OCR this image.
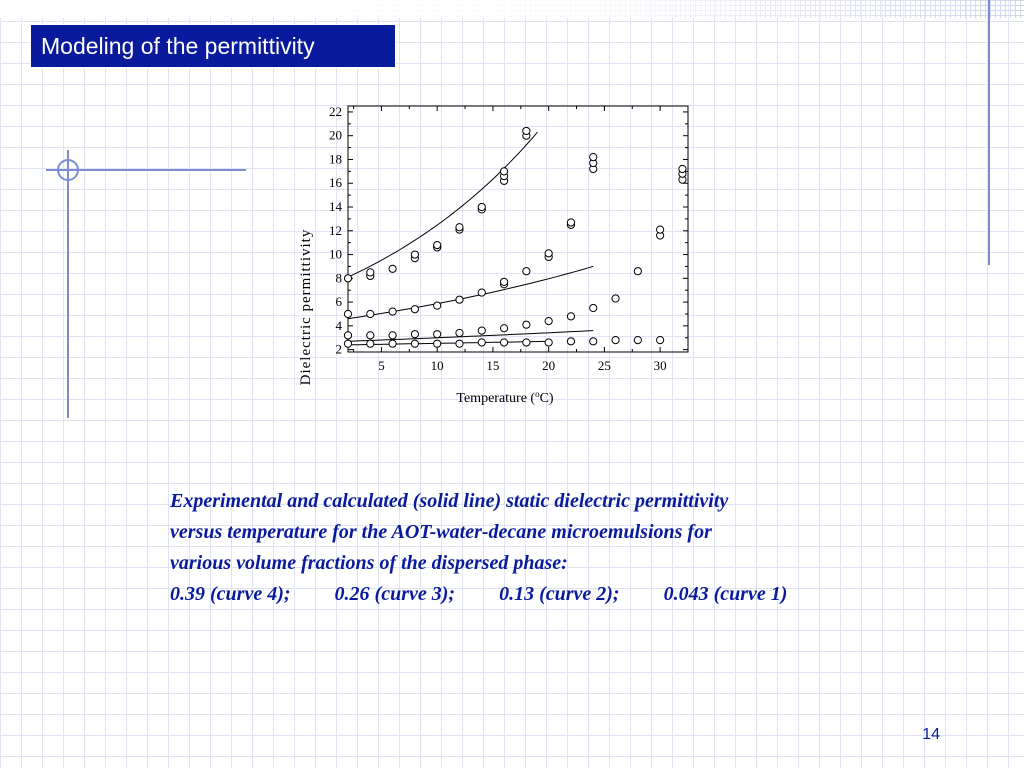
Modeling of the permittivity
2
4
6
8
10
12
14
16
18
20
22
5	10	15	20	25	30
Dielectric permittivity
Temperature ($^o$C)
Experimental and calculated (solid line) static dielectric permittivity
versus temperature for the AOT-water-decane microemulsions for
various volume fractions of the dispersed phase:
0.39 (curve 4); 0.26 (curve 3); 0.13 (curve 2); 0.043 (curve 1)
14
